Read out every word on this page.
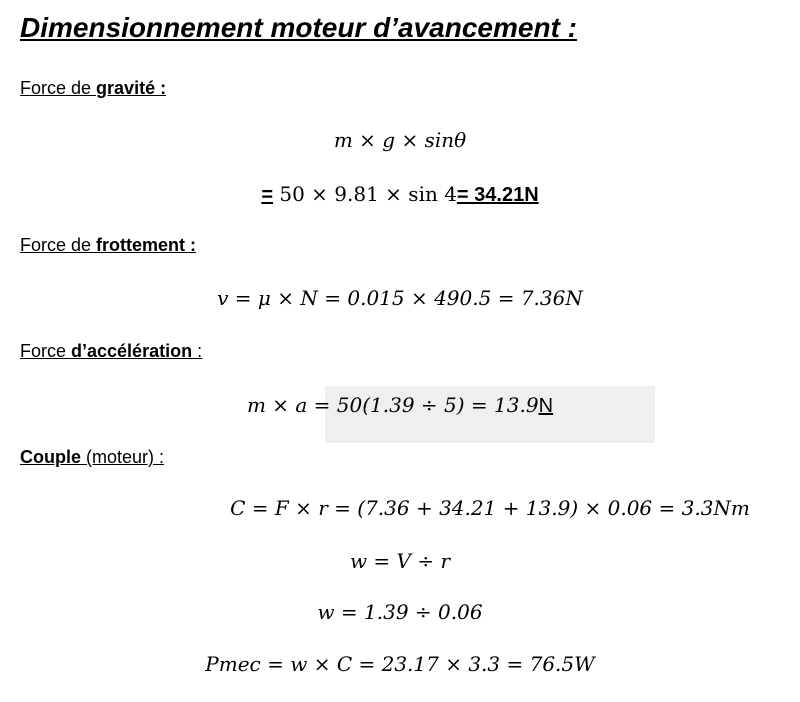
Dimensionnement moteur d’avancement :
Force de gravité :
m × g × sinθ
= 50 × 9.81 × sin 4= 34.21N
Force de frottement :
v = μ × N = 0.015 × 490.5 = 7.36N
Force d’accélération :
m × a = 50(1.39 ÷ 5) = 13.9N
Couple (moteur) :
C = F × r = (7.36 + 34.21 + 13.9) × 0.06 = 3.3Nm
w = V ÷ r
w = 1.39 ÷ 0.06
Pmec = w × C = 23.17 × 3.3 = 76.5W
